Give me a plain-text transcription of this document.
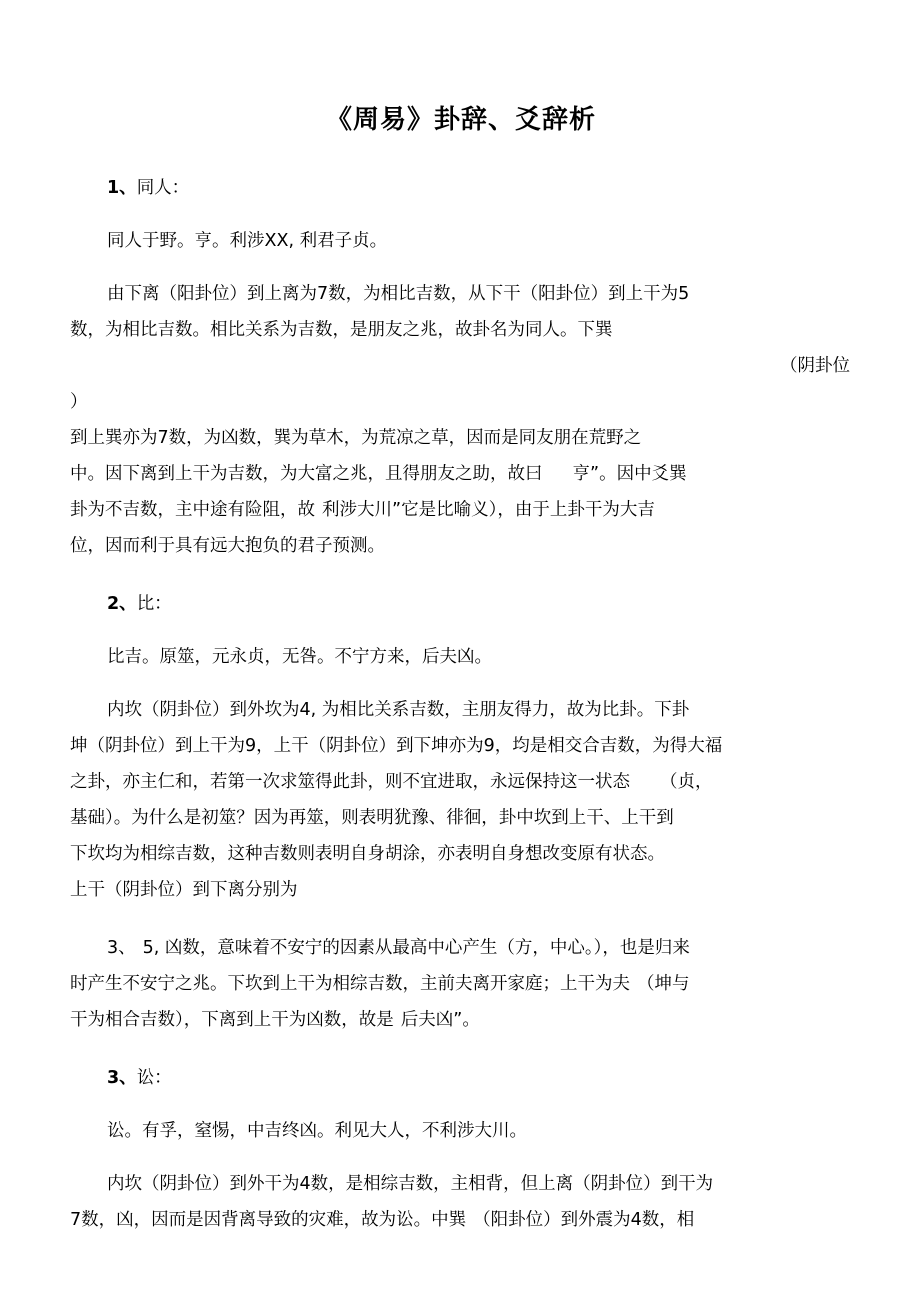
《周易》卦辞、爻辞析

1、同人：

同人于野。亨。利涉XX, 利君子贞。

由下离（阳卦位）到上离为7数，为相比吉数，从下干（阳卦位）到上干为5

数，为相比吉数。相比关系为吉数，是朋友之兆，故卦名为同人。下巽

（阴卦位

）

到上巽亦为7数，为凶数，巽为草木，为荒凉之草，因而是同友朋在荒野之

中。因下离到上干为吉数，为大富之兆，且得朋友之助，故曰 亨”。因中爻巽

卦为不吉数，主中途有险阻，故 利涉大川”它是比喻义），由于上卦干为大吉

位，因而利于具有远大抱负的君子预测。

2、比：

比吉。原筮，元永贞，无咎。不宁方来，后夫凶。

内坎（阴卦位）到外坎为4, 为相比关系吉数，主朋友得力，故为比卦。下卦

坤（阴卦位）到上干为9，上干（阴卦位）到下坤亦为9，均是相交合吉数，为得大福

之卦，亦主仁和，若第一次求筮得此卦，则不宜进取，永远保持这一状态 （贞，

基础）。为什么是初筮？因为再筮，则表明犹豫、徘徊，卦中坎到上干、上干到

下坎均为相综吉数，这种吉数则表明自身胡涂，亦表明自身想改变原有状态。

上干（阴卦位）到下离分别为

3、 5, 凶数，意味着不安宁的因素从最高中心产生（方，中心。），也是归来

时产生不安宁之兆。下坎到上干为相综吉数，主前夫离开家庭；上干为夫 （坤与

干为相合吉数），下离到上干为凶数，故是 后夫凶”。

3、讼：

讼。有孚，窒惕，中吉终凶。利见大人，不利涉大川。

内坎（阴卦位）到外干为4数，是相综吉数，主相背，但上离（阴卦位）到干为

7数，凶，因而是因背离导致的灾难，故为讼。中巽 （阳卦位）到外震为4数，相
